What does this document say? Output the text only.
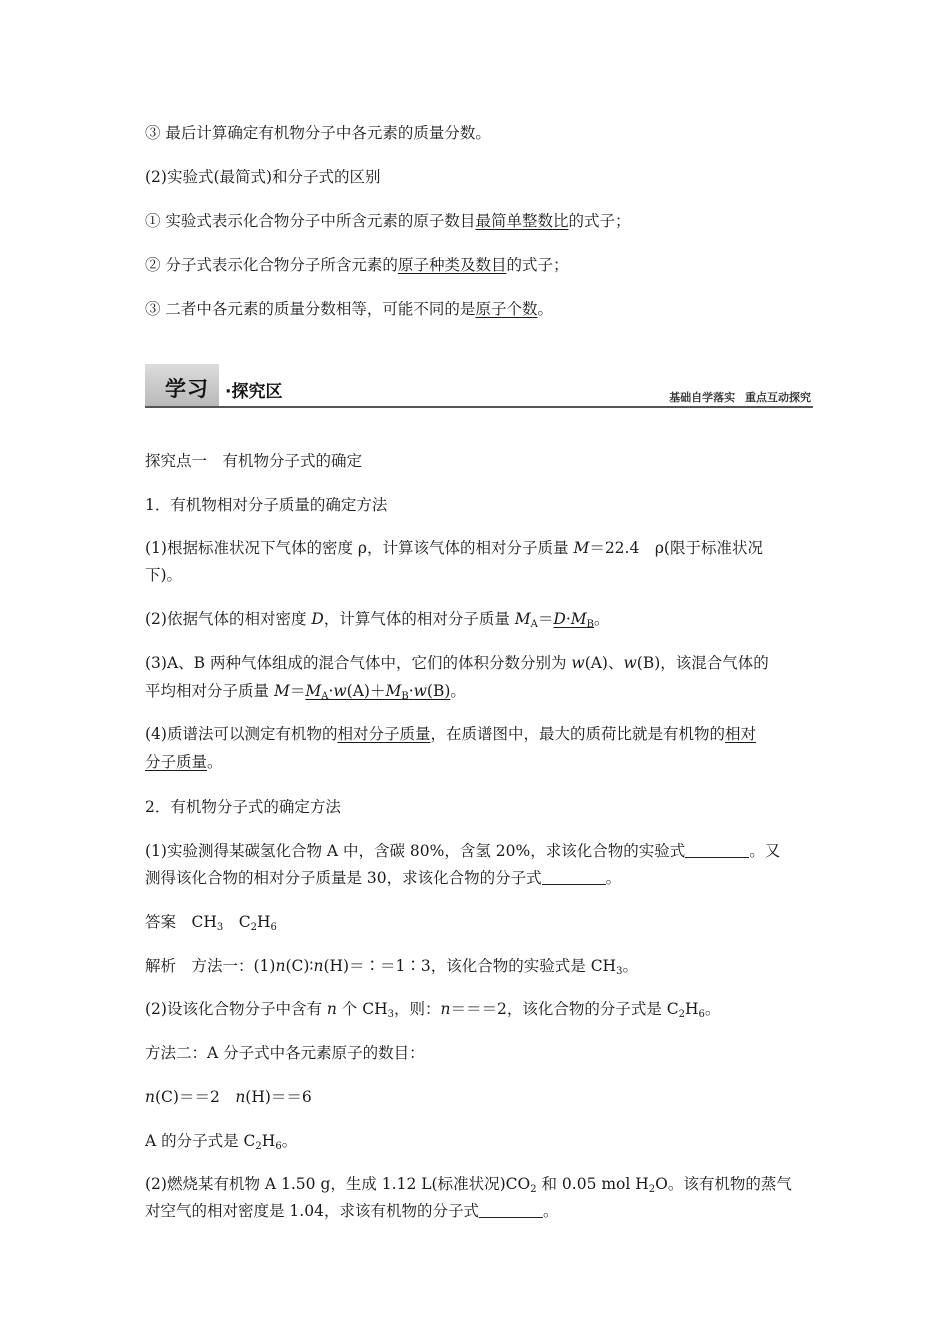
③ 最后计算确定有机物分子中各元素的质量分数。
(2)实验式(最简式)和分子式的区别
① 实验式表示化合物分子中所含元素的原子数目最简单整数比的式子；
② 分子式表示化合物分子所含元素的原子种类及数目的式子；
③ 二者中各元素的质量分数相等，可能不同的是原子个数。
学习 ·探究区	基础自学落实 重点互动探究
探究点一　有机物分子式的确定
1．有机物相对分子质量的确定方法
(1)根据标准状况下气体的密度 ρ，计算该气体的相对分子质量 M＝22.4　ρ(限于标准状况
下)。
(2)依据气体的相对密度 D，计算气体的相对分子质量 $M_A=D\cdot M_B$。
(3)A、B 两种气体组成的混合气体中，它们的体积分数分别为 w(A)、w(B)，该混合气体的
平均相对分子质量 $M=M_A\cdot w(A)+M_B\cdot w(B)$。
(4)质谱法可以测定有机物的相对分子质量，在质谱图中，最大的质荷比就是有机物的相对
分子质量。
2．有机物分子式的确定方法
(1)实验测得某碳氢化合物 A 中，含碳 80%，含氢 20%，求该化合物的实验式	。又
测得该化合物的相对分子质量是 30，求该化合物的分子式	。
答案　$CH_3$　$C_2H_6$
解析　方法一：(1)n(C)∶n(H)＝∶＝1∶3，该化合物的实验式是 $CH_3$。
(2)设该化合物分子中含有 n 个 $CH_3$，则：n＝＝＝2，该化合物的分子式是 $C_2H_6$。
方法二：A 分子式中各元素原子的数目：
n(C)＝＝2　n(H)＝＝6
A 的分子式是 $C_2H_6$。
(2)燃烧某有机物 A 1.50 g，生成 1.12 L(标准状况)$CO_2$ 和 0.05 mol $H_2O$。该有机物的蒸气
对空气的相对密度是 1.04，求该有机物的分子式	。
